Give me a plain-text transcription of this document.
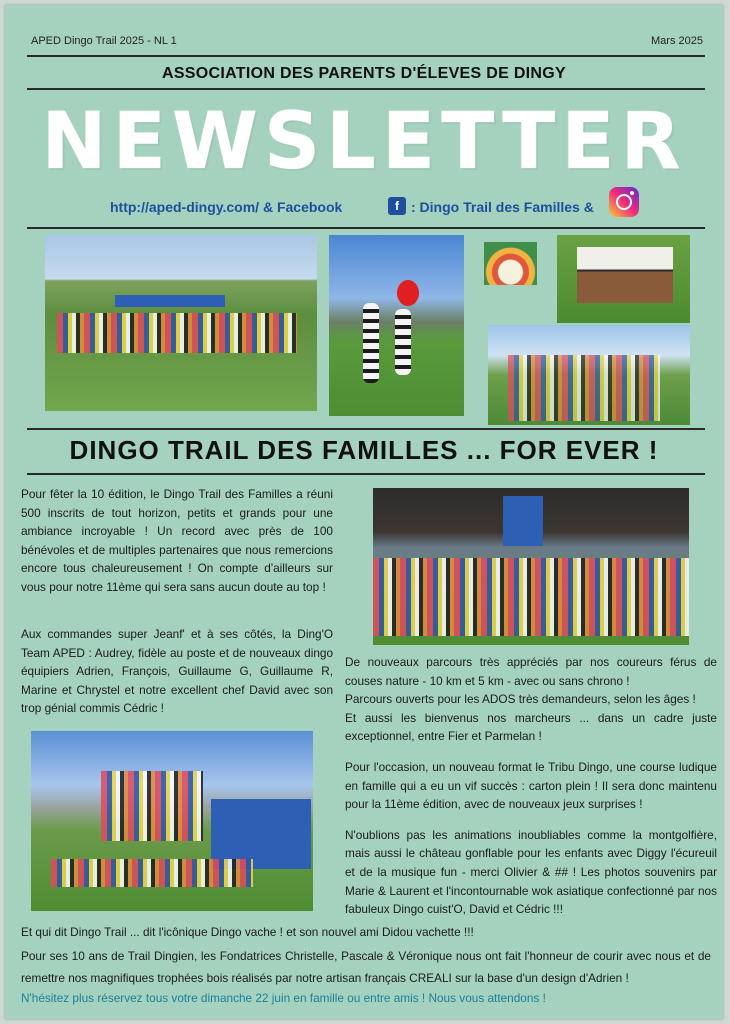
APED Dingo Trail 2025 - NL 1	Mars 2025
ASSOCIATION DES PARENTS D'ÉLEVES DE DINGY
NEWSLETTER
http://aped-dingy.com/ & Facebook	f : Dingo Trail des Familles &
DINGO TRAIL DES FAMILLES ... FOR EVER !

Pour fêter la 10 édition, le Dingo Trail des Familles a réuni 500 inscrits de tout horizon, petits et grands pour une ambiance incroyable ! Un record avec près de 100 bénévoles et de multiples partenaires que nous remercions encore tous chaleureusement ! On compte d'ailleurs sur vous pour notre 11ème qui sera sans aucun doute au top !

Aux commandes super Jeanf' et à ses côtés, la Ding'O Team APED : Audrey, fidèle au poste et de nouveaux dingo équipiers Adrien, François, Guillaume G, Guillaume R, Marine et Chrystel et notre excellent chef David avec son trop génial commis Cédric !

De nouveaux parcours très appréciés par nos coureurs férus de couses nature - 10 km et 5 km - avec ou sans chrono !

Parcours ouverts pour les ADOS très demandeurs, selon les âges !

Et aussi les bienvenus nos marcheurs ... dans un cadre juste exceptionnel, entre Fier et Parmelan !

Pour l'occasion, un nouveau format le Tribu Dingo, une course ludique en famille qui a eu un vif succès : carton plein ! Il sera donc maintenu pour la 11ème édition, avec de nouveaux jeux surprises !

N'oublions pas les animations inoubliables comme la montgolfière, mais aussi le château gonflable pour les enfants avec Diggy l'écureuil et de la musique fun - merci Olivier & ## ! Les photos souvenirs par Marie & Laurent et l'incontournable wok asiatique confectionné par nos fabuleux Dingo cuist'O, David et Cédric !!!

Et qui dit Dingo Trail ... dit l'icônique Dingo vache ! et son nouvel ami Didou vachette !!!
Pour ses 10 ans de Trail Dingien, les Fondatrices Christelle, Pascale & Véronique nous ont fait l'honneur de courir avec nous et de remettre nos magnifiques trophées bois réalisés par notre artisan français CREALI sur la base d'un design d'Adrien !
N'hésitez plus réservez tous votre dimanche 22 juin en famille ou entre amis ! Nous vous attendons !
